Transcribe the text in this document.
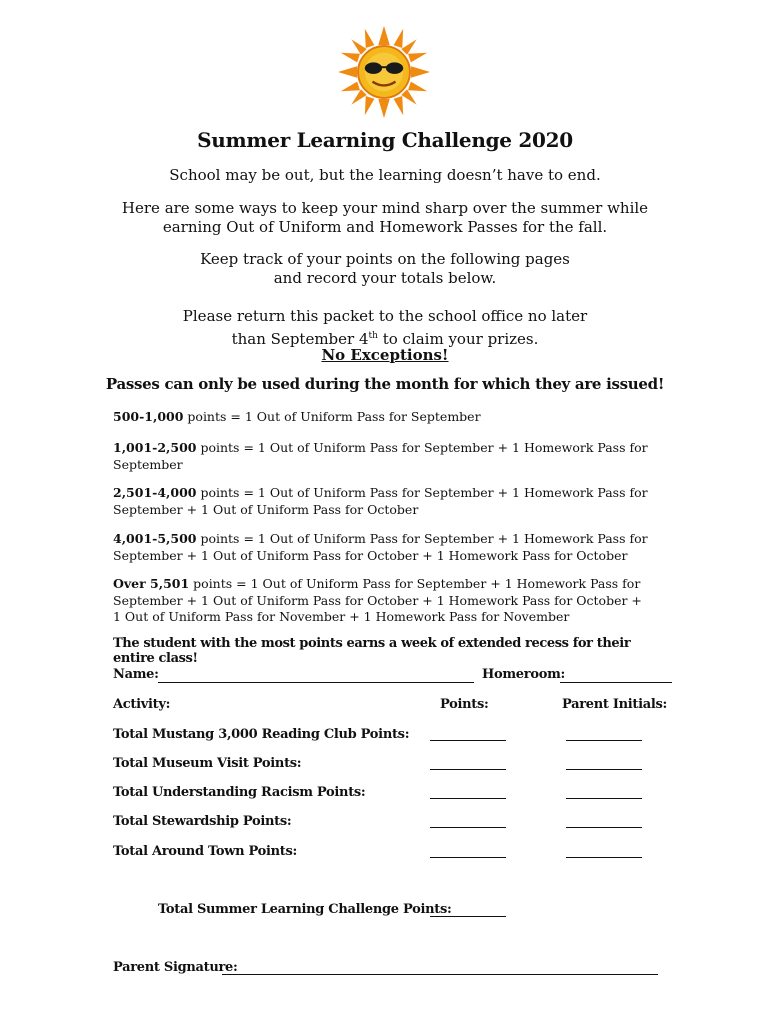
Summer Learning Challenge 2020
School may be out, but the learning doesn’t have to end.
Here are some ways to keep your mind sharp over the summer while
earning Out of Uniform and Homework Passes for the fall.
Keep track of your points on the following pages
and record your totals below.
Please return this packet to the school office no later
than September 4th to claim your prizes.
No Exceptions!
Passes can only be used during the month for which they are issued!
500-1,000 points = 1 Out of Uniform Pass for September
1,001-2,500 points = 1 Out of Uniform Pass for September + 1 Homework Pass for September
2,501-4,000 points = 1 Out of Uniform Pass for September + 1 Homework Pass for September + 1 Out of Uniform Pass for October
4,001-5,500 points = 1 Out of Uniform Pass for September + 1 Homework Pass for September + 1 Out of Uniform Pass for October + 1 Homework Pass for October
Over 5,501 points = 1 Out of Uniform Pass for September + 1 Homework Pass for September + 1 Out of Uniform Pass for October + 1 Homework Pass for October + 1 Out of Uniform Pass for November + 1 Homework Pass for November
The student with the most points earns a week of extended recess for their entire class!
Name:	Homeroom:
Activity:	Points:	Parent Initials:
Total Mustang 3,000 Reading Club Points:
Total Museum Visit Points:
Total Understanding Racism Points:
Total Stewardship Points:
Total Around Town Points:
Total Summer Learning Challenge Points:
Parent Signature:
